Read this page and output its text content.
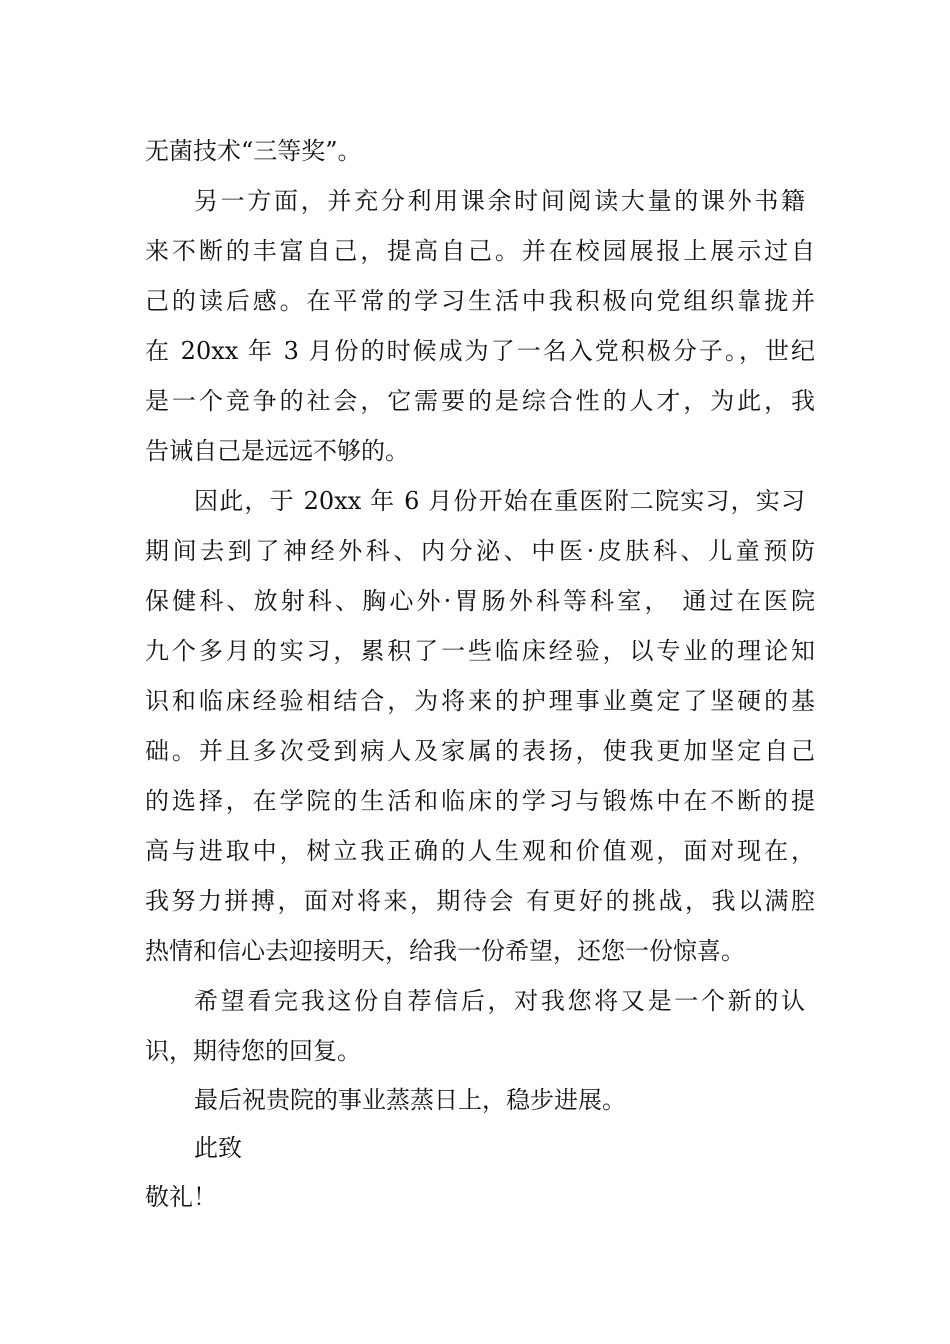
无菌技术“三等奖”。
另一方面，并充分利用课余时间阅读大量的课外书籍
来不断的丰富自己，提高自己。并在校园展报上展示过自
己的读后感。在平常的学习生活中我积极向党组织靠拢并
在 20xx 年 3 月份的时候成为了一名入党积极分子。，世纪
是一个竞争的社会，它需要的是综合性的人才，为此，我
告诫自己是远远不够的。
因此，于 20xx 年 6 月份开始在重医附二院实习，实习
期间去到了神经外科、内分泌、中医·皮肤科、儿童预防
保健科、放射科、胸心外·胃肠外科等科室， 通过在医院
九个多月的实习，累积了一些临床经验，以专业的理论知
识和临床经验相结合，为将来的护理事业奠定了坚硬的基
础。并且多次受到病人及家属的表扬，使我更加坚定自己
的选择，在学院的生活和临床的学习与锻炼中在不断的提
高与进取中，树立我正确的人生观和价值观，面对现在，
我努力拼搏，面对将来，期待会 有更好的挑战，我以满腔
热情和信心去迎接明天，给我一份希望，还您一份惊喜。
希望看完我这份自荐信后，对我您将又是一个新的认
识，期待您的回复。
最后祝贵院的事业蒸蒸日上，稳步进展。
此致
敬礼！
